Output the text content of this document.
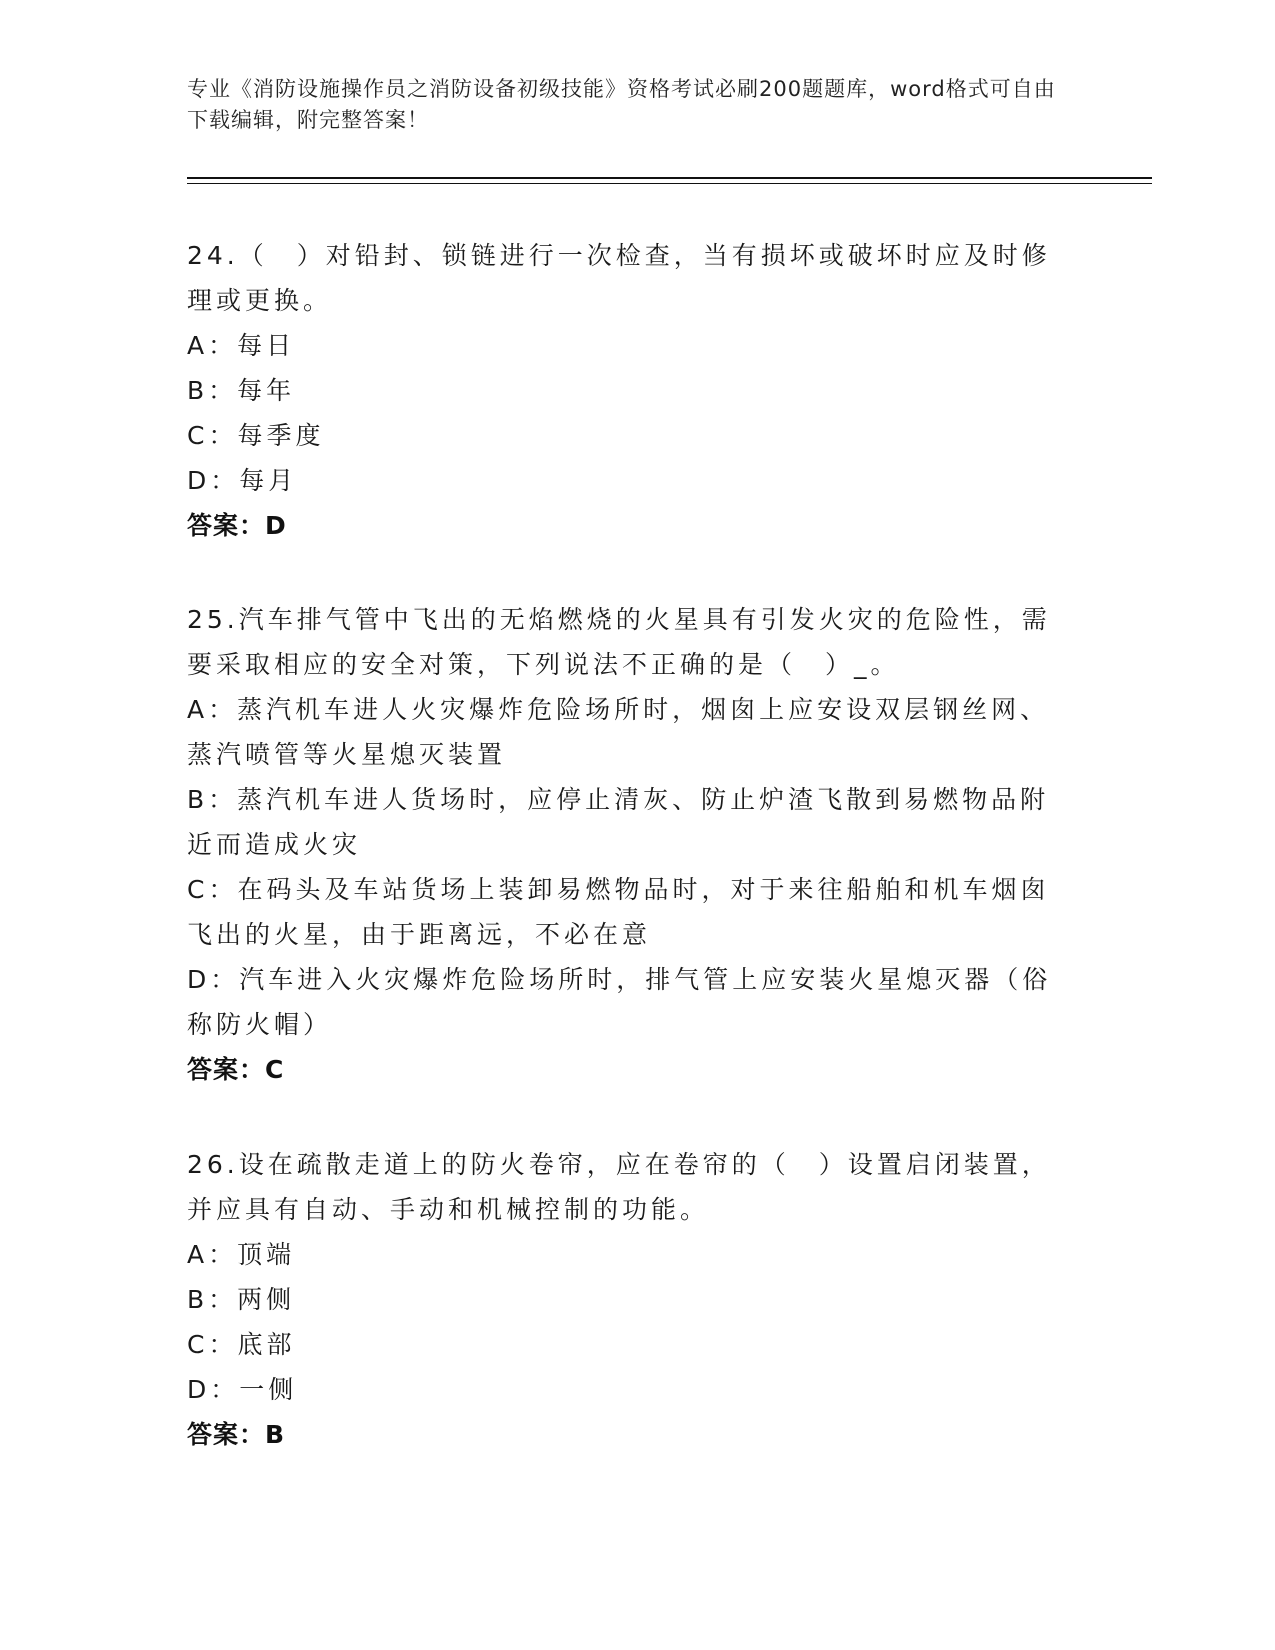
专业《消防设施操作员之消防设备初级技能》资格考试必刷200题题库，word格式可自由下载编辑，附完整答案！
24.（　）对铅封、锁链进行一次检查，当有损坏或破坏时应及时修理或更换。
A：每日
B：每年
C：每季度
D：每月
答案：D
25.汽车排气管中飞出的无焰燃烧的火星具有引发火灾的危险性，需要采取相应的安全对策，下列说法不正确的是（　）_。
A：蒸汽机车进人火灾爆炸危险场所时，烟囱上应安设双层钢丝网、蒸汽喷管等火星熄灭装置
B：蒸汽机车进人货场时，应停止清灰、防止炉渣飞散到易燃物品附近而造成火灾
C：在码头及车站货场上装卸易燃物品时，对于来往船舶和机车烟囱飞出的火星，由于距离远，不必在意
D：汽车进入火灾爆炸危险场所时，排气管上应安装火星熄灭器（俗称防火帽）
答案：C
26.设在疏散走道上的防火卷帘，应在卷帘的（　）设置启闭装置，并应具有自动、手动和机械控制的功能。
A：顶端
B：两侧
C：底部
D：一侧
答案：B
